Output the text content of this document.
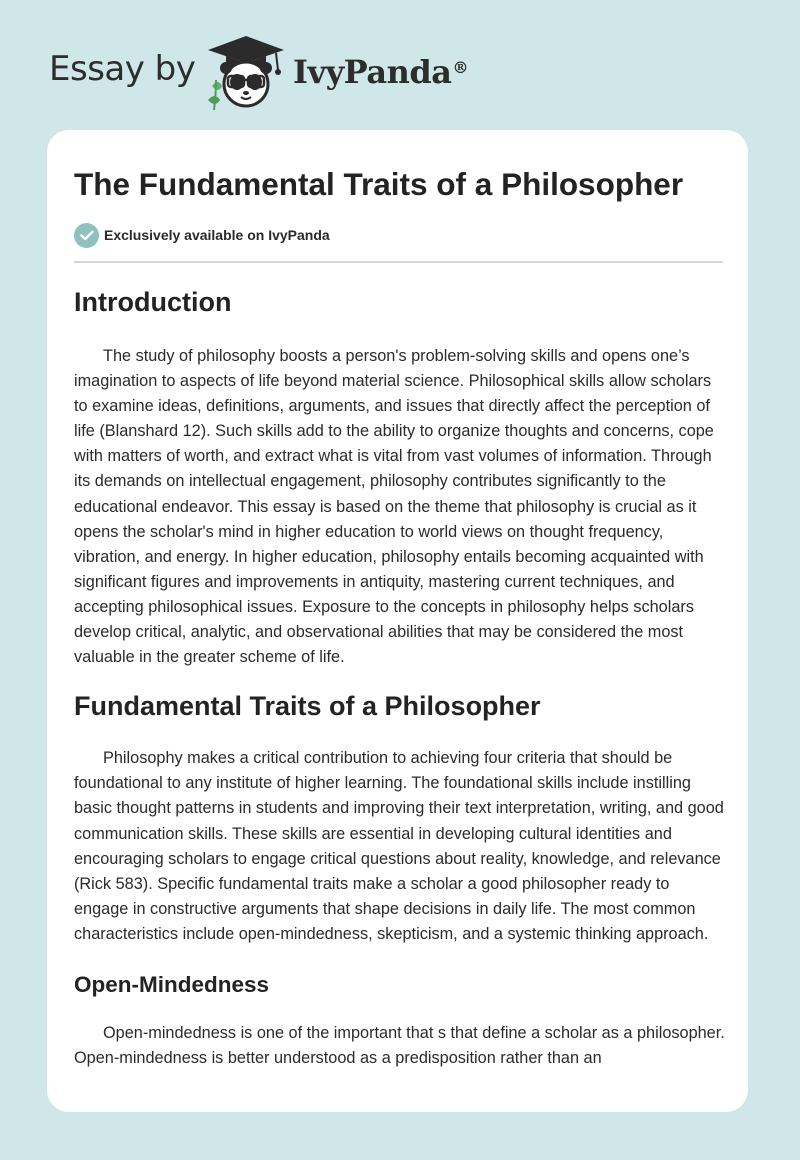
Essay by	IvyPanda®
The Fundamental Traits of a Philosopher
Exclusively available on IvyPanda
Introduction

The study of philosophy boosts a person's problem-solving skills and opens one’s imagination to aspects of life beyond material science. Philosophical skills allow scholars to examine ideas, definitions, arguments, and issues that directly affect the perception of life (Blanshard 12). Such skills add to the ability to organize thoughts and concerns, cope with matters of worth, and extract what is vital from vast volumes of information. Through its demands on intellectual engagement, philosophy contributes significantly to the educational endeavor. This essay is based on the theme that philosophy is crucial as it opens the scholar's mind in higher education to world views on thought frequency, vibration, and energy. In higher education, philosophy entails becoming acquainted with significant figures and improvements in antiquity, mastering current techniques, and accepting philosophical issues. Exposure to the concepts in philosophy helps scholars develop critical, analytic, and observational abilities that may be considered the most valuable in the greater scheme of life.

Fundamental Traits of a Philosopher

Philosophy makes a critical contribution to achieving four criteria that should be foundational to any institute of higher learning. The foundational skills include instilling basic thought patterns in students and improving their text interpretation, writing, and good communication skills. These skills are essential in developing cultural identities and encouraging scholars to engage critical questions about reality, knowledge, and relevance (Rick 583). Specific fundamental traits make a scholar a good philosopher ready to engage in constructive arguments that shape decisions in daily life. The most common characteristics include open-mindedness, skepticism, and a systemic thinking approach.

Open-Mindedness

Open-mindedness is one of the important that s that define a scholar as a philosopher. Open-mindedness is better understood as a predisposition rather than an
